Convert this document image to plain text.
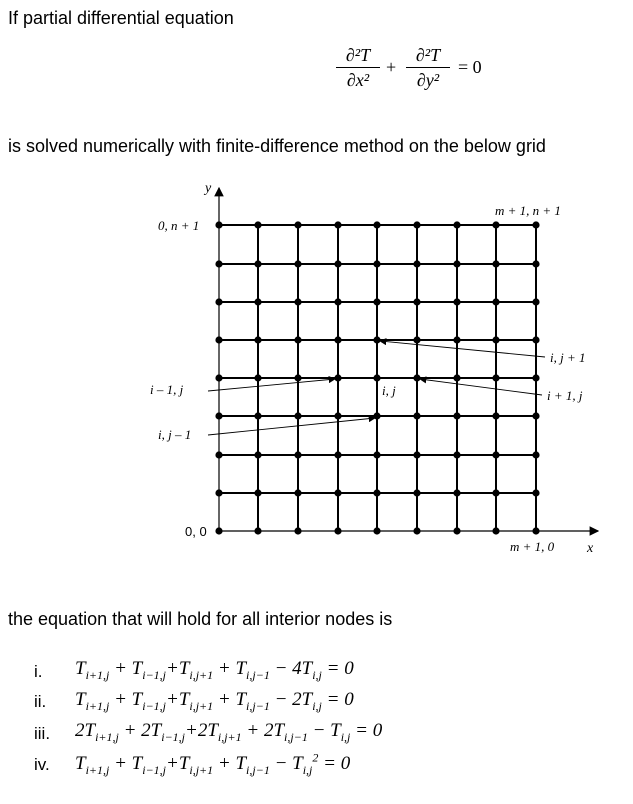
If partial differential equation
∂²T
∂x²
+
∂²T
∂y²
= 0
is solved numerically with finite-difference method on the below grid
y
x
0, n + 1
m + 1, n + 1
0, 0
m + 1, 0
i, j
i, j + 1
i + 1, j
i – 1, j
i, j – 1
the equation that will hold for all interior nodes is
i. $T_{i+1,j} + T_{i-1,j}+T_{i,j+1} + T_{i,j-1} - 4T_{i,j} = 0$
ii. $T_{i+1,j} + T_{i-1,j}+T_{i,j+1} + T_{i,j-1} - 2T_{i,j} = 0$
iii. $2T_{i+1,j} + 2T_{i-1,j}+2T_{i,j+1} + 2T_{i,j-1} - T_{i,j} = 0$
iv. $T_{i+1,j} + T_{i-1,j}+T_{i,j+1} + T_{i,j-1} - T_{i,j}^2 = 0$
